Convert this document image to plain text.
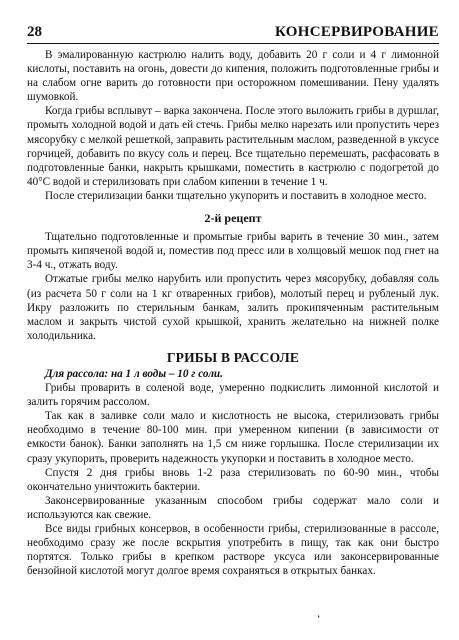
28	КОНСЕРВИРОВАНИЕ

В эмалированную кастрюлю налить воду, добавить 20 г соли и 4 г лимонной кислоты, поставить на огонь, довести до кипения, положить подготовленные грибы и на слабом огне варить до готовности при осторожном помешивании. Пену удалять шумовкой.

Когда грибы всплывут – варка закончена. После этого выложить грибы в дуршлаг, промыть холодной водой и дать ей стечь. Грибы мелко нарезать или пропустить через мясорубку с мелкой решеткой, заправить растительным маслом, разведенной в уксусе горчицей, добавить по вкусу соль и перец. Все тщательно перемешать, расфасовать в подготовленные банки, накрыть крышками, поместить в кастрюлю с подогретой до 40°С водой и стерилизовать при слабом кипении в течение 1 ч.

После стерилизации банки тщательно укупорить и поставить в холодное место.

2-й рецепт

Тщательно подготовленные и промытые грибы варить в течение 30 мин., затем промыть кипяченой водой и, поместив под пресс или в холщовый мешок под гнет на 3-4 ч., отжать воду.

Отжатые грибы мелко нарубить или пропустить через мясорубку, добавляя соль (из расчета 50 г соли на 1 кг отваренных грибов), молотый перец и рубленый лук. Икру разложить по стерильным банкам, залить прокипяченным растительным маслом и закрыть чистой сухой крышкой, хранить желательно на нижней полке холодильника.

ГРИБЫ В РАССОЛЕ

Для рассола: на 1 л воды – 10 г соли.

Грибы проварить в соленой воде, умеренно подкислить лимонной кислотой и залить горячим рассолом.

Так как в заливке соли мало и кислотность не высока, стерилизовать грибы необходимо в течение 80-100 мин. при умеренном кипении (в зависимости от емкости банок). Банки заполнять на 1,5 см ниже горлышка. После стерилизации их сразу укупорить, проверить надежность укупорки и поставить в холодное место.

Спустя 2 дня грибы вновь 1-2 раза стерилизовать по 60-90 мин., чтобы окончательно уничтожить бактерии.

Законсервированные указанным способом грибы содержат мало соли и используются как свежие.

Все виды грибных консервов, в особенности грибы, стерилизованные в рассоле, необходимо сразу же после вскрытия употребить в пищу, так как они быстро портятся. Только грибы в крепком растворе уксуса или законсервированные бензойной кислотой могут долгое время сохраняться в открытых банках.

'
